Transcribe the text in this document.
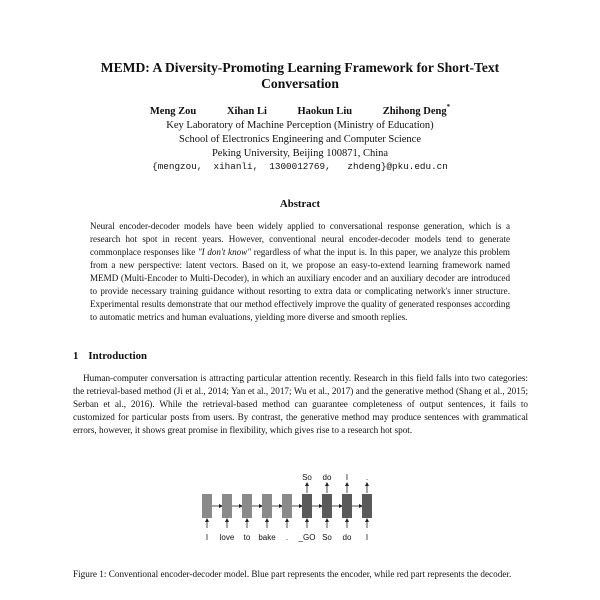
MEMD: A Diversity-Promoting Learning Framework for Short-Text
Conversation
Meng Zou	Xihan Li	Haokun Liu	Zhihong Deng*
Key Laboratory of Machine Perception (Ministry of Education)
School of Electronics Engineering and Computer Science
Peking University, Beijing 100871, China
{mengzou,  xihanli,  1300012769,   zhdeng}@pku.edu.cn
Abstract
Neural encoder-decoder models have been widely applied to conversational response generation, which is a research hot spot in recent years. However, conventional neural encoder-decoder models tend to generate commonplace responses like "I don't know" regardless of what the input is. In this paper, we analyze this problem from a new perspective: latent vectors. Based on it, we propose an easy-to-extend learning framework named MEMD (Multi-Encoder to Multi-Decoder), in which an auxiliary encoder and an auxiliary decoder are introduced to provide necessary training guidance without resorting to extra data or complicating network's inner structure. Experimental results demonstrate that our method effectively improve the quality of generated responses according to automatic metrics and human evaluations, yielding more diverse and smooth replies.
1 Introduction
Human-computer conversation is attracting particular attention recently. Research in this field falls into two categories: the retrieval-based method (Ji et al., 2014; Yan et al., 2017; Wu et al., 2017) and the generative method (Shang et al., 2015; Serban et al., 2016). While the retrieval-based method can guarantee completeness of output sentences, it fails to customized for particular posts from users. By contrast, the generative method may produce sentences with grammatical errors, however, it shows great promise in flexibility, which gives rise to a research hot spot.
I love to bake . _GO
So
So
do
do
I
I
.
Figure 1: Conventional encoder-decoder model. Blue part represents the encoder, while red part represents the decoder.
